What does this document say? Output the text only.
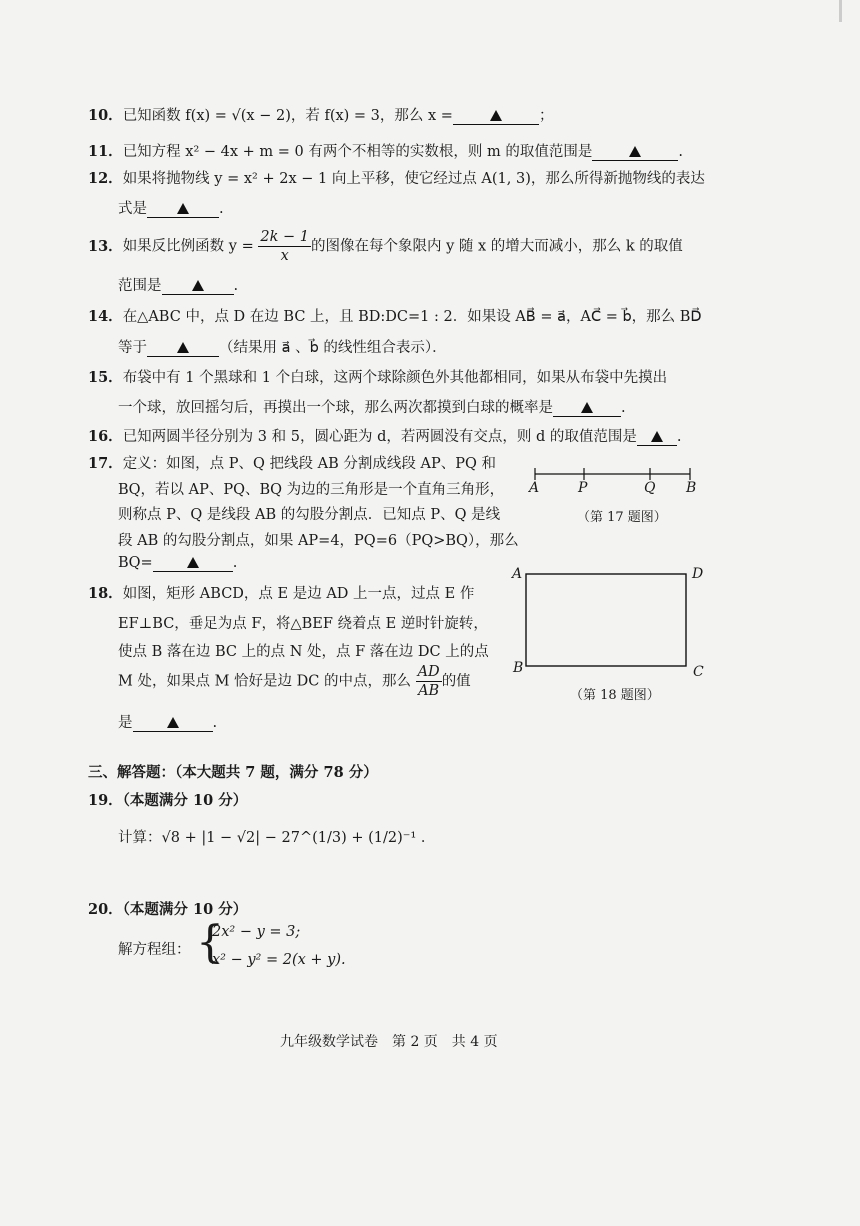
10．已知函数 f(x) = √(x − 2)，若 f(x) = 3，那么 x =	；
11．已知方程 x² − 4x + m = 0 有两个不相等的实数根，则 m 的取值范围是	.
12．如果将抛物线 y = x² + 2x − 1 向上平移，使它经过点 A(1, 3)，那么所得新抛物线的表达
式是	.
13．如果反比例函数 $y = \frac{2k - 1}{x}$ 的图像在每个象限内 y 随 x 的增大而减小，那么 k 的取值
范围是	.
14．在△ABC 中，点 D 在边 BC 上，且 BD:DC=1 : 2．如果设 AB⃗ = a⃗，AC⃗ = b⃗，那么 BD⃗
等于	（结果用 a⃗ 、b⃗ 的线性组合表示）．
15．布袋中有 1 个黑球和 1 个白球，这两个球除颜色外其他都相同，如果从布袋中先摸出
一个球，放回摇匀后，再摸出一个球，那么两次都摸到白球的概率是	.
16．已知两圆半径分别为 3 和 5，圆心距为 d，若两圆没有交点，则 d 的取值范围是	.
17．定义：如图，点 P、Q 把线段 AB 分割成线段 AP、PQ 和
BQ，若以 AP、PQ、BQ 为边的三角形是一个直角三角形，
则称点 P、Q 是线段 AB 的勾股分割点．已知点 P、Q 是线
段 AB 的勾股分割点，如果 AP=4，PQ=6（PQ>BQ），那么
BQ=	.
A	P	Q B
（第 17 题图）
18．如图，矩形 ABCD，点 E 是边 AD 上一点，过点 E 作
EF⊥BC，垂足为点 F，将△BEF 绕着点 E 逆时针旋转，
使点 B 落在边 BC 上的点 N 处，点 F 落在边 DC 上的点
M 处，如果点 M 恰好是边 DC 的中点，那么 $\frac{AD}{AB}$ 的值
是	.
A	D
B	C
（第 18 题图）
三、解答题：（本大题共 7 题，满分 78 分）
19．（本题满分 10 分）
计算：√8 + |1 − √2| − 27^(1/3) + (1/2)⁻¹ ．
20．（本题满分 10 分）
解方程组： {
2x² − y = 3;
x² − y² = 2(x + y).
九年级数学试卷　第 2 页　共 4 页
